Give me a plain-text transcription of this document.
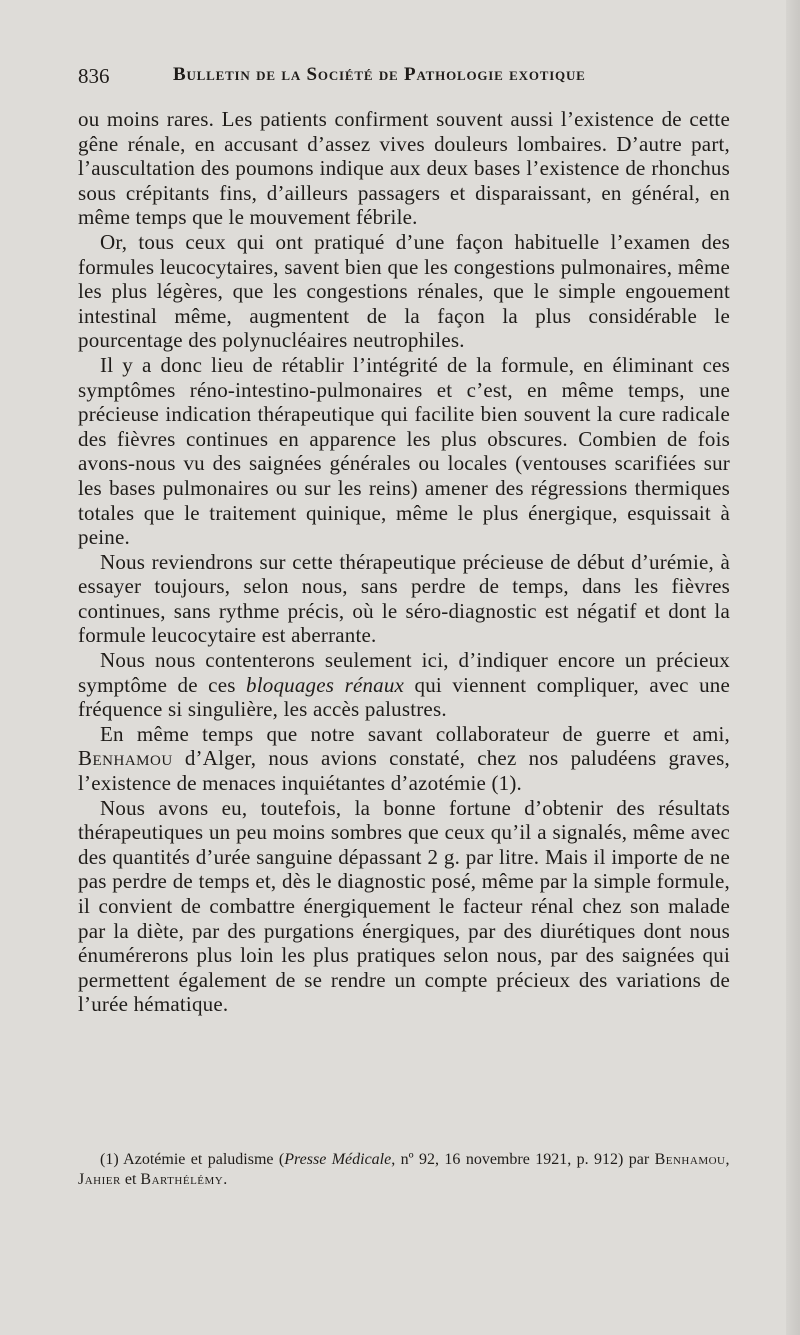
836	Bulletin de la Société de Pathologie exotique

ou moins rares. Les patients confirment souvent aussi l’existence de cette gêne rénale, en accusant d’assez vives douleurs lombaires. D’autre part, l’auscultation des poumons indique aux deux bases l’existence de rhonchus sous crépitants fins, d’ailleurs passagers et disparaissant, en général, en même temps que le mouvement fébrile.

Or, tous ceux qui ont pratiqué d’une façon habituelle l’examen des formules leucocytaires, savent bien que les congestions pulmonaires, même les plus légères, que les congestions rénales, que le simple engouement intestinal même, augmentent de la façon la plus considérable le pourcentage des polynucléaires neutrophiles.

Il y a donc lieu de rétablir l’intégrité de la formule, en éliminant ces symptômes réno-intestino-pulmonaires et c’est, en même temps, une précieuse indication thérapeutique qui facilite bien souvent la cure radicale des fièvres continues en apparence les plus obscures. Combien de fois avons-nous vu des saignées générales ou locales (ventouses scarifiées sur les bases pulmonaires ou sur les reins) amener des régressions thermiques totales que le traitement quinique, même le plus énergique, esquissait à peine.

Nous reviendrons sur cette thérapeutique précieuse de début d’urémie, à essayer toujours, selon nous, sans perdre de temps, dans les fièvres continues, sans rythme précis, où le séro-diagnostic est négatif et dont la formule leucocytaire est aberrante.

Nous nous contenterons seulement ici, d’indiquer encore un précieux symptôme de ces bloquages rénaux qui viennent compliquer, avec une fréquence si singulière, les accès palustres.

En même temps que notre savant collaborateur de guerre et ami, Benhamou d’Alger, nous avions constaté, chez nos paludéens graves, l’existence de menaces inquiétantes d’azotémie (1).

Nous avons eu, toutefois, la bonne fortune d’obtenir des résultats thérapeutiques un peu moins sombres que ceux qu’il a signalés, même avec des quantités d’urée sanguine dépassant 2 g. par litre. Mais il importe de ne pas perdre de temps et, dès le diagnostic posé, même par la simple formule, il convient de combattre énergiquement le facteur rénal chez son malade par la diète, par des purgations énergiques, par des diurétiques dont nous énumérerons plus loin les plus pratiques selon nous, par des saignées qui permettent également de se rendre un compte précieux des variations de l’urée hématique.

(1) Azotémie et paludisme (Presse Médicale, nº 92, 16 novembre 1921, p. 912) par Benhamou, Jahier et Barthélémy.
